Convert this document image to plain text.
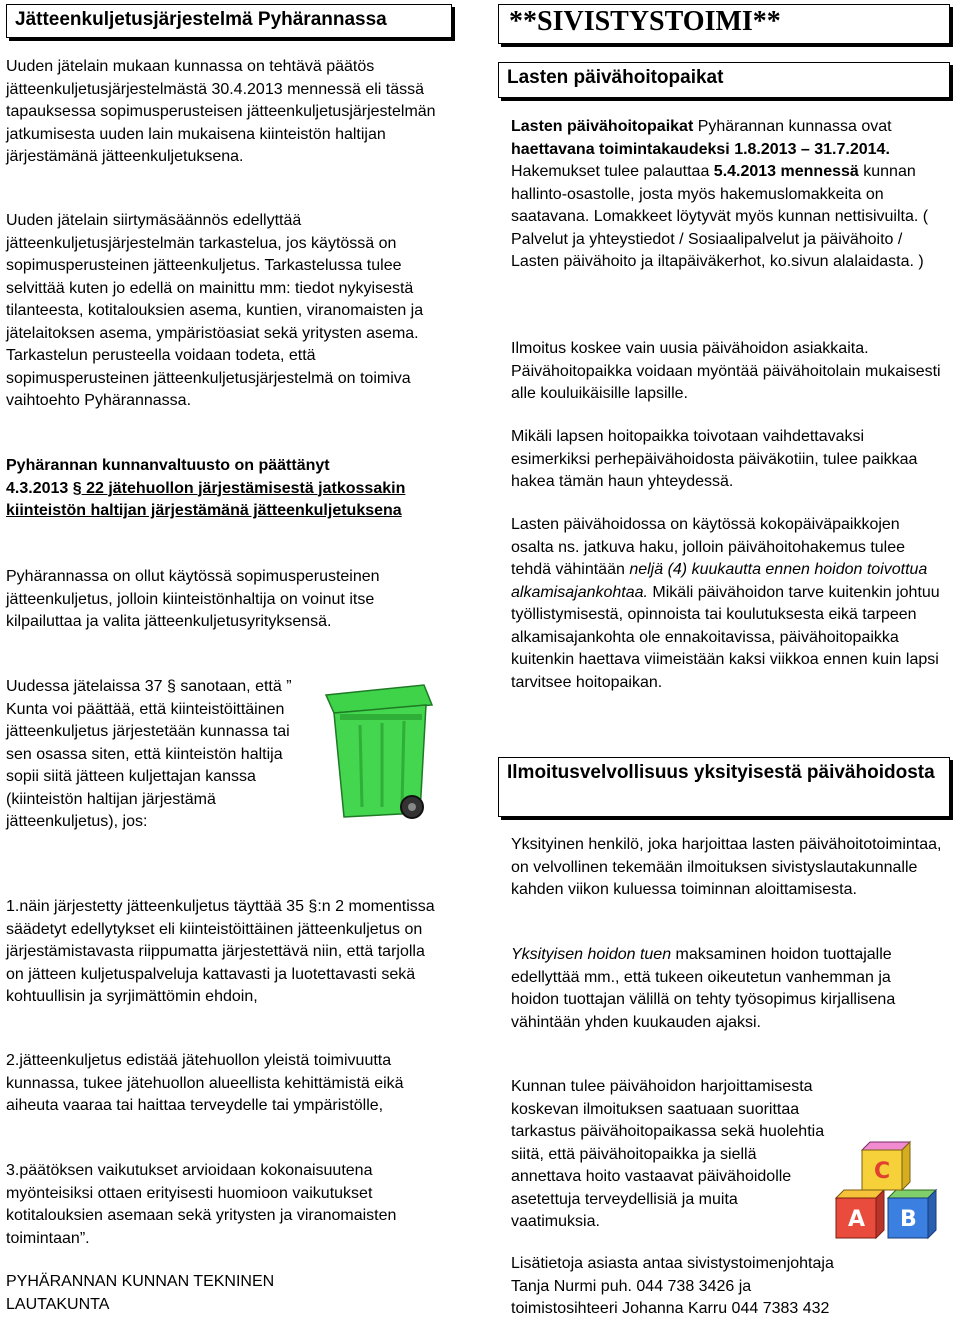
Jätteenkuljetusjärjestelmä Pyhärannassa

Uuden jätelain mukaan kunnassa on tehtävä päätös jätteenkuljetusjärjestelmästä 30.4.2013 mennessä eli tässä tapauksessa sopimusperusteisen jätteenkuljetusjärjestelmän jatkumisesta uuden lain mukaisena kiinteistön haltijan järjestämänä jätteenkuljetuksena.

Uuden jätelain siirtymäsäännös edellyttää jätteenkuljetusjärjestelmän tarkastelua, jos käytössä on sopimusperusteinen jätteenkuljetus. Tarkastelussa tulee selvittää kuten jo edellä on mainittu mm: tiedot nykyisestä tilanteesta, kotitalouksien asema, kuntien, viranomaisten ja jätelaitoksen asema, ympäristöasiat sekä yritysten asema. Tarkastelun perusteella voidaan todeta, että sopimusperusteinen jätteenkuljetusjärjestelmä on toimiva vaihtoehto Pyhärannassa.

Pyhärannan kunnanvaltuusto on päättänyt
4.3.2013 § 22 jätehuollon järjestämisestä jatkossakin kiinteistön haltijan järjestämänä jätteenkuljetuksena

Pyhärannassa on ollut käytössä sopimusperusteinen jätteenkuljetus, jolloin kiinteistönhaltija on voinut itse kilpailuttaa ja valita jätteenkuljetusyrityksensä.

Uudessa jätelaissa 37 § sanotaan, että ” Kunta voi päättää, että kiinteistöittäinen jätteenkuljetus järjestetään kunnassa tai sen osassa siten, että kiinteistön haltija sopii siitä jätteen kuljettajan kanssa (kiinteistön haltijan järjestämä jätteenkuljetus), jos:

1.näin järjestetty jätteenkuljetus täyttää 35 §:n 2 momentissa säädetyt edellytykset eli kiinteistöittäinen jätteenkuljetus on järjestämistavasta riippumatta järjestettävä niin, että tarjolla on jätteen kuljetuspalveluja kattavasti ja luotettavasti sekä kohtuullisin ja syrjimättömin ehdoin,

2.jätteenkuljetus edistää jätehuollon yleistä toimivuutta kunnassa, tukee jätehuollon alueellista kehittämistä eikä aiheuta vaaraa tai haittaa terveydelle tai ympäristölle,

3.päätöksen vaikutukset arvioidaan kokonaisuutena myönteisiksi ottaen erityisesti huomioon vaikutukset kotitalouksien asemaan sekä yritysten ja viranomaisten toimintaan”.

PYHÄRANNAN KUNNAN TEKNINEN
LAUTAKUNTA

**SIVISTYSTOIMI**
Lasten päivähoitopaikat

Lasten päivähoitopaikat Pyhärannan kunnassa ovat haettavana toimintakaudeksi 1.8.2013 – 31.7.2014. Hakemukset tulee palauttaa 5.4.2013 mennessä kunnan hallinto-osastolle, josta myös hakemuslomakkeita on saatavana. Lomakkeet löytyvät myös kunnan nettisivuilta. ( Palvelut ja yhteystiedot / Sosiaalipalvelut ja päivähoito / Lasten päivähoito ja iltapäiväkerhot, ko.sivun alalaidasta. )

Ilmoitus koskee vain uusia päivähoidon asiakkaita. Päivähoitopaikka voidaan myöntää päivähoitolain mukaisesti alle kouluikäisille lapsille.

Mikäli lapsen hoitopaikka toivotaan vaihdettavaksi esimerkiksi perhepäivähoidosta päiväkotiin, tulee paikkaa hakea tämän haun yhteydessä.

Lasten päivähoidossa on käytössä kokopäiväpaikkojen osalta ns. jatkuva haku, jolloin päivähoitohakemus tulee tehdä vähintään neljä (4) kuukautta ennen hoidon toivottua alkamisajankohtaa. Mikäli päivähoidon tarve kuitenkin johtuu työllistymisestä, opinnoista tai koulutuksesta eikä tarpeen alkamisajankohta ole ennakoitavissa, päivähoitopaikka kuitenkin haettava viimeistään kaksi viikkoa ennen kuin lapsi tarvitsee hoitopaikan.

Ilmoitusvelvollisuus yksityisestä päivähoidosta

Yksityinen henkilö, joka harjoittaa lasten päivähoitotoimintaa, on velvollinen tekemään ilmoituksen sivistyslautakunnalle kahden viikon kuluessa toiminnan aloittamisesta.

Yksityisen hoidon tuen maksaminen hoidon tuottajalle edellyttää mm., että tukeen oikeutetun vanhemman ja hoidon tuottajan välillä on tehty työsopimus kirjallisena vähintään yhden kuukauden ajaksi.

Kunnan tulee päivähoidon harjoittamisesta koskevan ilmoituksen saatuaan suorittaa tarkastus päivähoitopaikassa sekä huolehtia siitä, että päivähoitopaikka ja siellä annettava hoito vastaavat päivähoidolle asetettuja terveydellisiä ja muita vaatimuksia.	A B
C

Lisätietoja asiasta antaa sivistystoimenjohtaja
Tanja Nurmi puh. 044 738 3426 ja
toimistosihteeri Johanna Karru 044 7383 432
